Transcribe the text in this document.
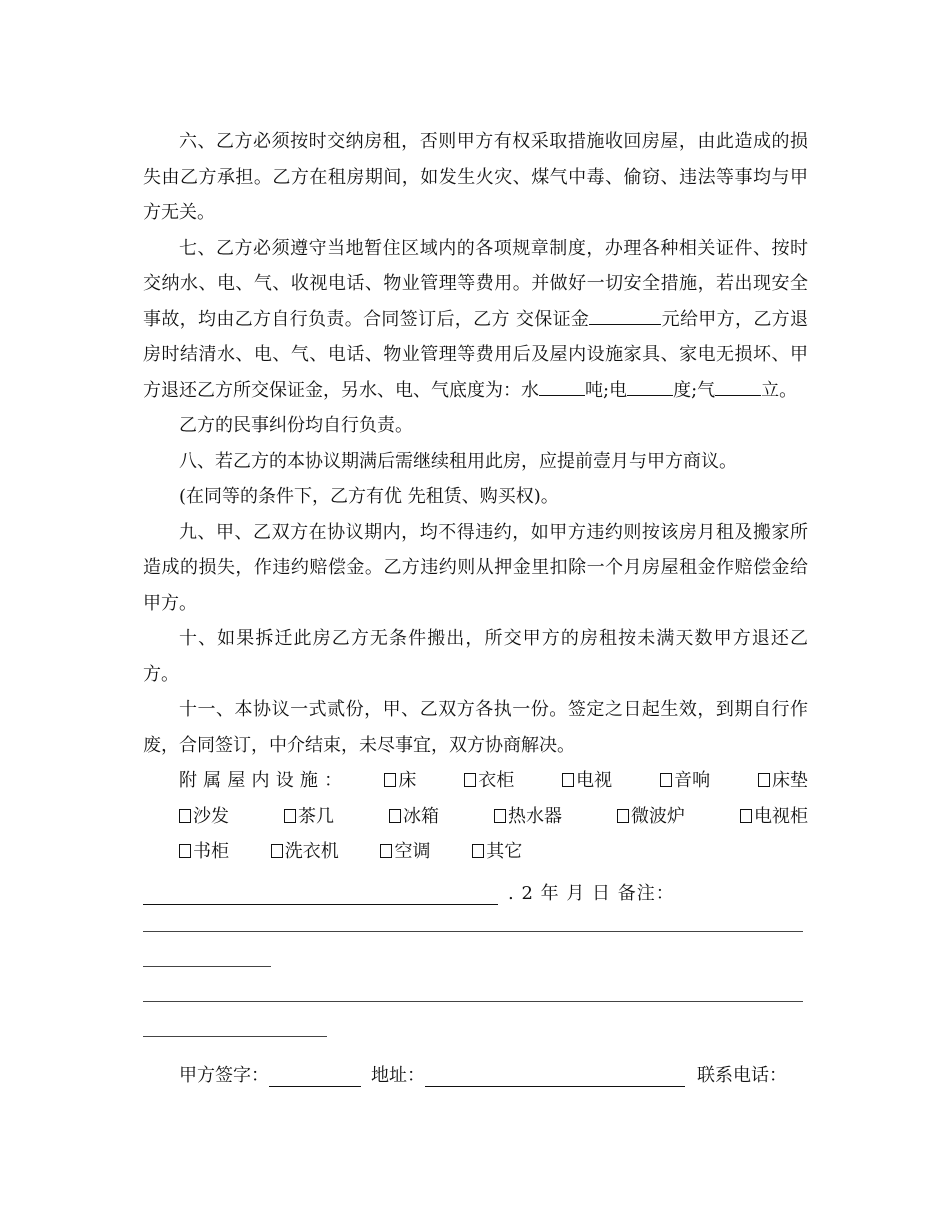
六、乙方必须按时交纳房租，否则甲方有权采取措施收回房屋，由此造成的损失由乙方承担。乙方在租房期间，如发生火灾、煤气中毒、偷窃、违法等事均与甲方无关。

七、乙方必须遵守当地暂住区域内的各项规章制度，办理各种相关证件、按时交纳水、电、气、收视电话、物业管理等费用。并做好一切安全措施，若出现安全事故，均由乙方自行负责。合同签订后，乙方 交保证金	元给甲方，乙方退房时结清水、电、气、电话、物业管理等费用后及屋内设施家具、家电无损坏、甲方退还乙方所交保证金，另水、电、气底度为：水	吨;电	度;气	立。

乙方的民事纠份均自行负责。

八、若乙方的本协议期满后需继续租用此房，应提前壹月与甲方商议。

(在同等的条件下，乙方有优 先租赁、购买权)。

九、甲、乙双方在协议期内，均不得违约，如甲方违约则按该房月租及搬家所造成的损失，作违约赔偿金。乙方违约则从押金里扣除一个月房屋租金作赔偿金给甲方。

十、如果拆迁此房乙方无条件搬出，所交甲方的房租按未满天数甲方退还乙方。

十一、本协议一式贰份，甲、乙双方各执一份。签定之日起生效，到期自行作废，合同签订，中介结束，未尽事宜，双方协商解决。

附属屋内设施：	床	衣柜	电视	音响	床垫 沙发	茶几	冰箱	热水器	微波炉	电视柜 书柜	洗衣机	空调	其它

. 2 年 月 日 备注：
甲方签字：	地址：	联系电话：
